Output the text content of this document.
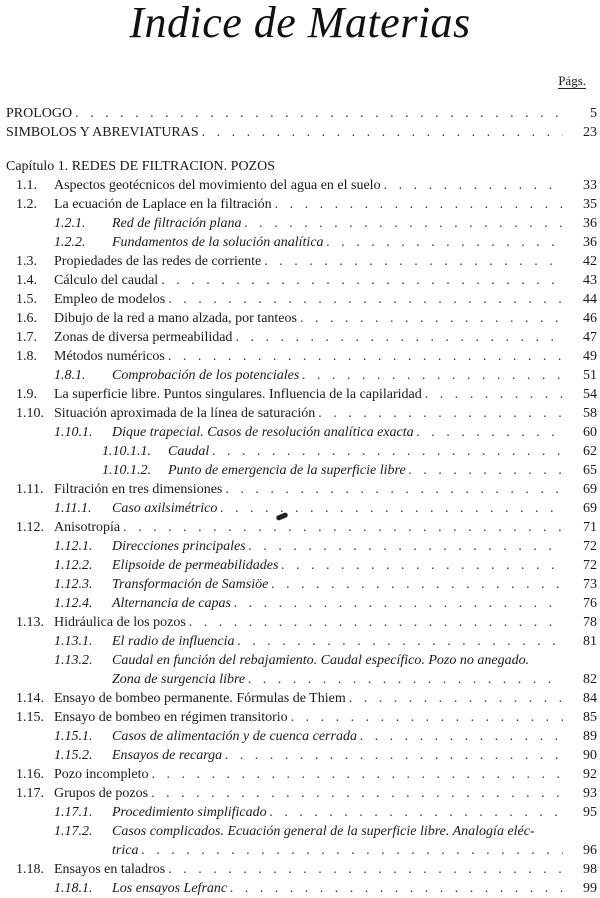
Indice de Materias
Págs.
PROLOGO . . .	5
SIMBOLOS Y ABREVIATURAS . . .	23
Capítulo 1. REDES DE FILTRACION. POZOS
1.1. Aspectos geotécnicos del movimiento del agua en el suelo . . .	33
1.2. La ecuación de Laplace en la filtración . . .	35
1.2.1. Red de filtración plana . . .	36
1.2.2. Fundamentos de la solución analítica . . .	36
1.3. Propiedades de las redes de corriente . . .	42
1.4. Cálculo del caudal . . .	43
1.5. Empleo de modelos . . .	44
1.6. Dibujo de la red a mano alzada, por tanteos . . .	46
1.7. Zonas de diversa permeabilidad . . .	47
1.8. Métodos numéricos . . .	49
1.8.1. Comprobación de los potenciales . . .	51
1.9. La superficie libre. Puntos singulares. Influencia de la capilaridad . . .	54
1.10. Situación aproximada de la línea de saturación . . .	58
1.10.1. Dique trapecial. Casos de resolución analítica exacta . . .	60
1.10.1.1. Caudal . . .	62
1.10.1.2. Punto de emergencia de la superficie libre . . .	65
1.11. Filtración en tres dimensiones . . .	69
1.11.1. Caso axilsimétrico . . .	69
1.12. Anisotropía . . .	71
1.12.1. Direcciones principales . . .	72
1.12.2. Elipsoide de permeabilidades . . .	72
1.12.3. Transformación de Samsiöe . . .	73
1.12.4. Alternancia de capas . . .	76
1.13. Hidráulica de los pozos . . .	78
1.13.1. El radio de influencia . . .	81
1.13.2. Caudal en función del rebajamiento. Caudal específico. Pozo no anegado.
Zona de surgencia libre . . .	82
1.14. Ensayo de bombeo permanente. Fórmulas de Thiem . . .	84
1.15. Ensayo de bombeo en régimen transitorio . . .	85
1.15.1. Casos de alimentación y de cuenca cerrada . . .	89
1.15.2. Ensayos de recarga . . .	90
1.16. Pozo incompleto . . .	92
1.17. Grupos de pozos . . .	93
1.17.1. Procedimiento simplificado . . .	95
1.17.2. Casos complicados. Ecuación general de la superficie libre. Analogía eléc-
trica . . .	96
1.18. Ensayos en taladros . . .	98
1.18.1. Los ensayos Lefranc . . .	99
